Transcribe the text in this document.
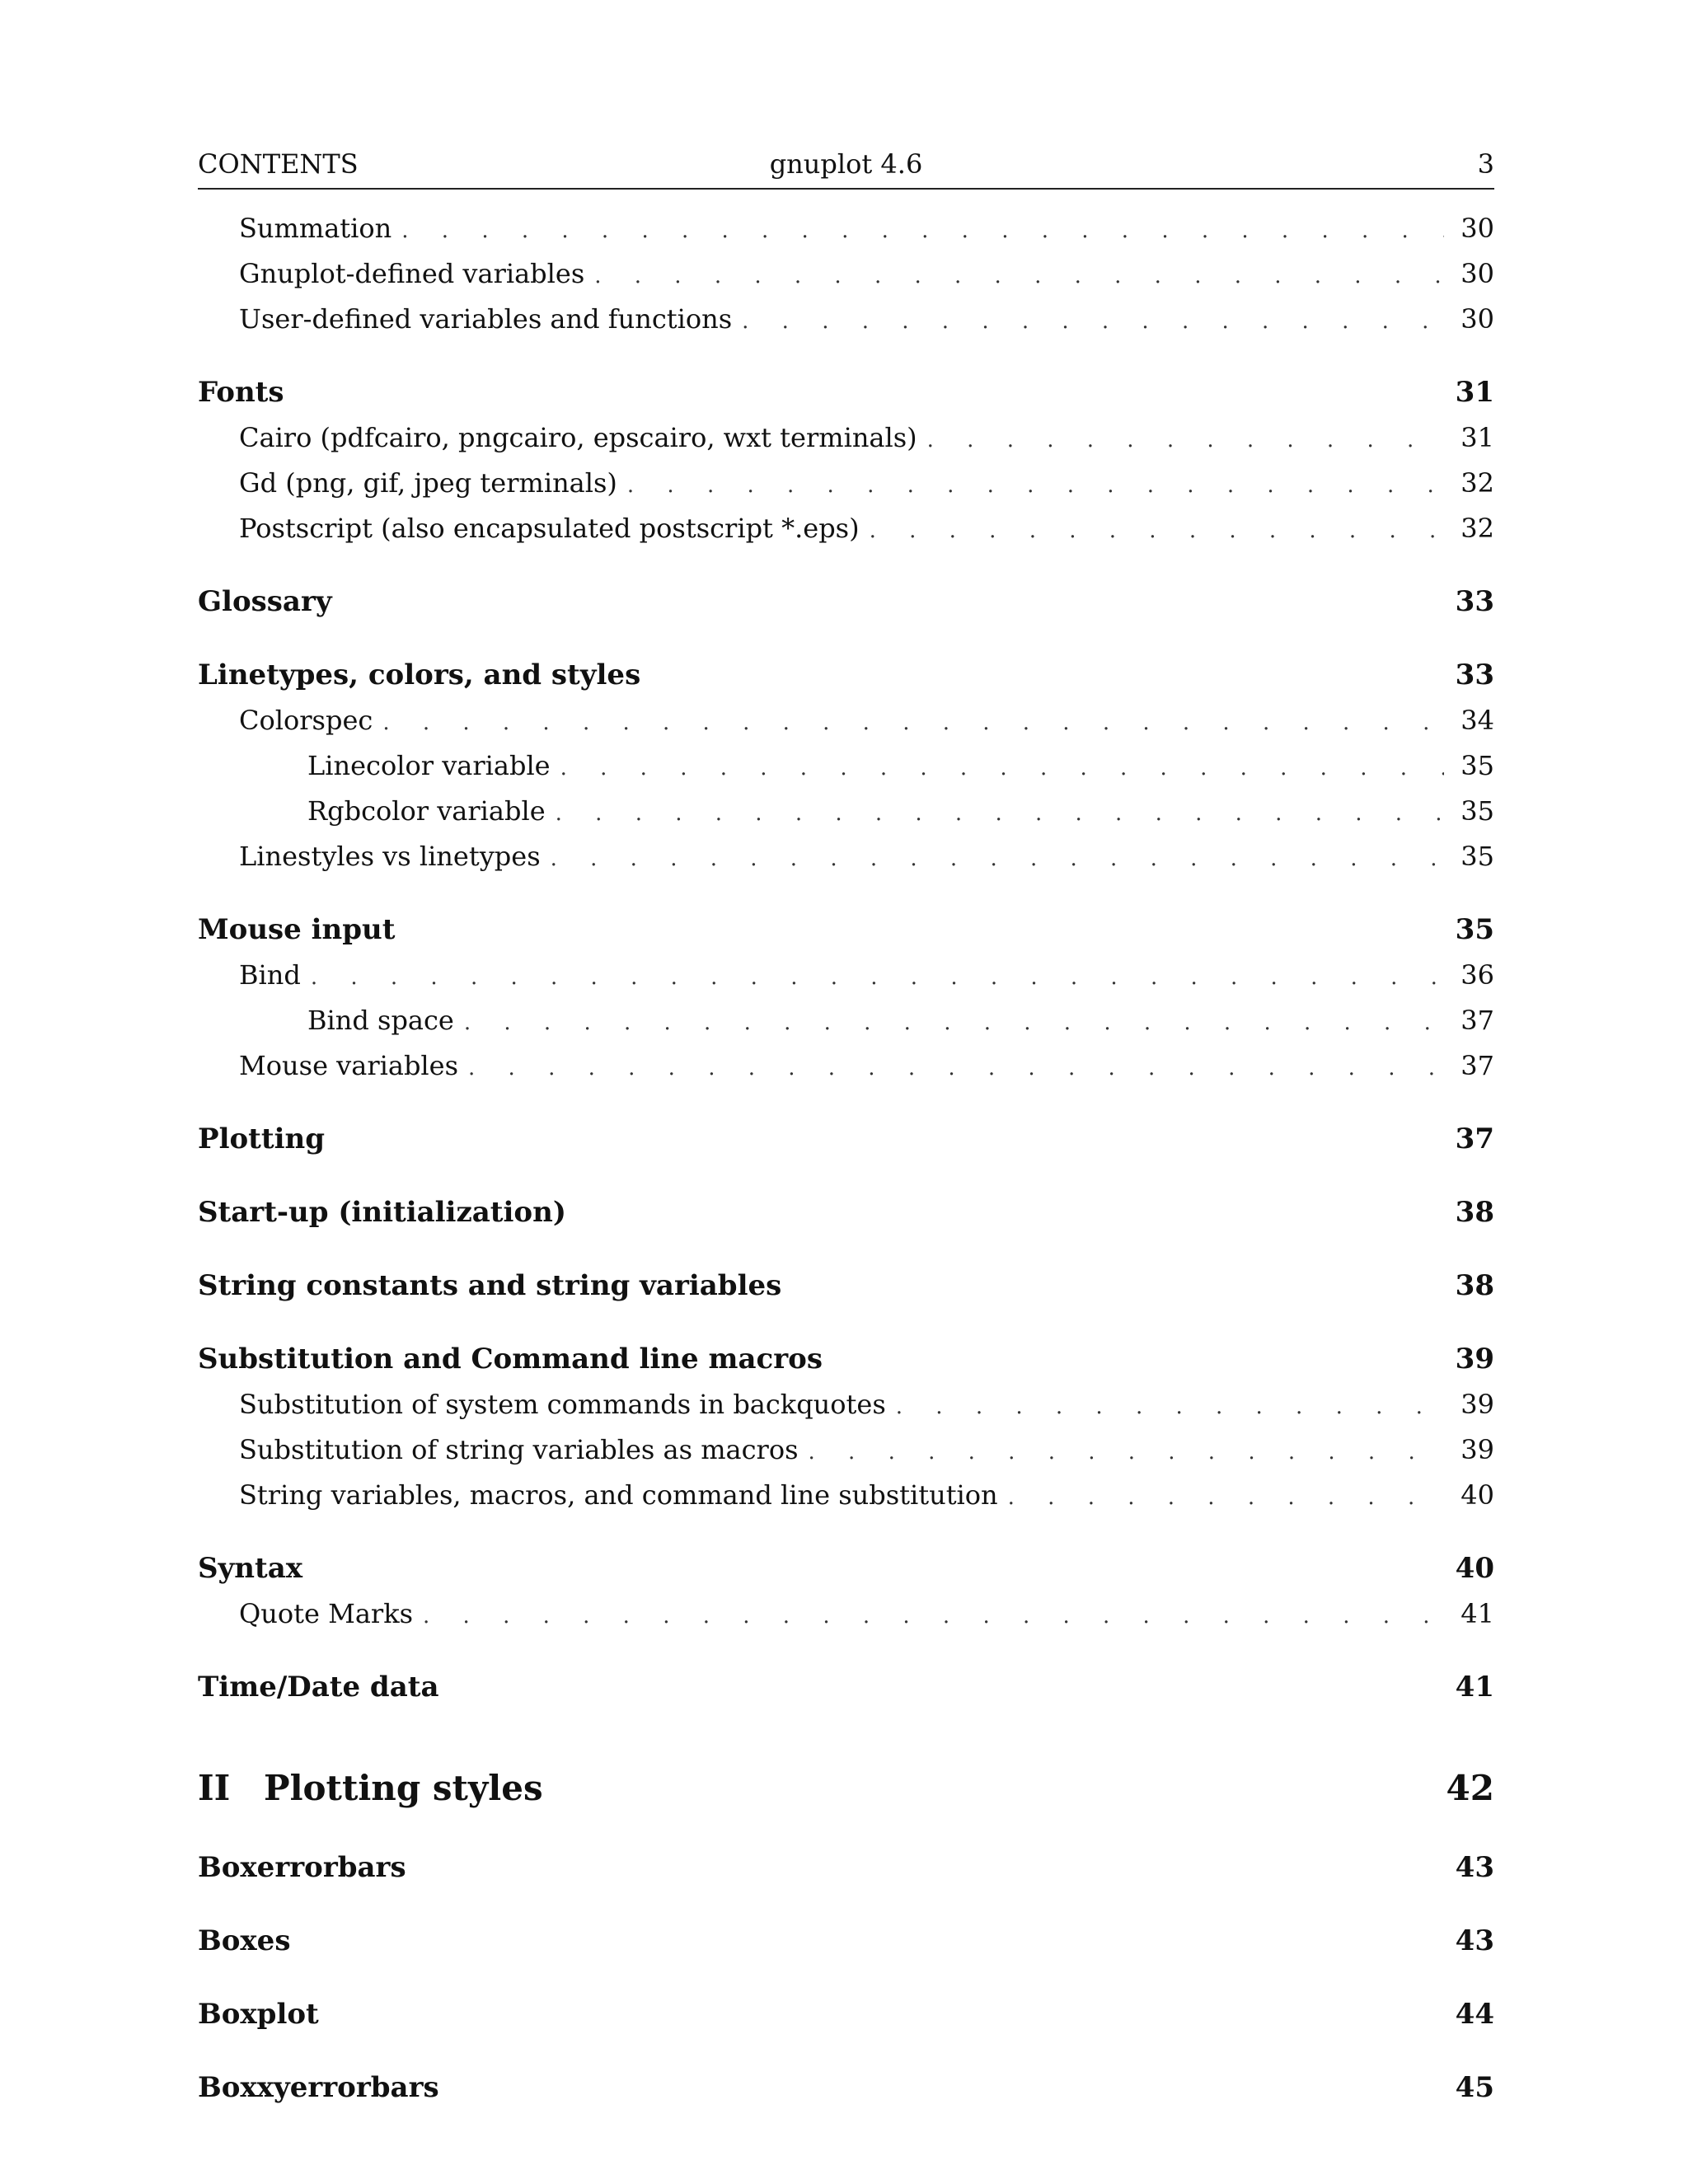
CONTENTS	gnuplot 4.6	3
Summation . . .	30
Gnuplot-defined variables . . .	30
User-defined variables and functions . . .	30
Fonts	31
Cairo (pdfcairo, pngcairo, epscairo, wxt terminals) . . .	31
Gd (png, gif, jpeg terminals) . . .	32
Postscript (also encapsulated postscript *.eps) . . .	32
Glossary	33
Linetypes, colors, and styles	33
Colorspec . . .	34
Linecolor variable . . .	35
Rgbcolor variable . . .	35
Linestyles vs linetypes . . .	35
Mouse input	35
Bind . . .	36
Bind space . . .	37
Mouse variables . . .	37
Plotting	37
Start-up (initialization)	38
String constants and string variables	38
Substitution and Command line macros	39
Substitution of system commands in backquotes . . .	39
Substitution of string variables as macros . . .	39
String variables, macros, and command line substitution . . .	40
Syntax	40
Quote Marks . . .	41
Time/Date data	41
II Plotting styles	42
Boxerrorbars	43
Boxes	43
Boxplot	44
Boxxyerrorbars	45
